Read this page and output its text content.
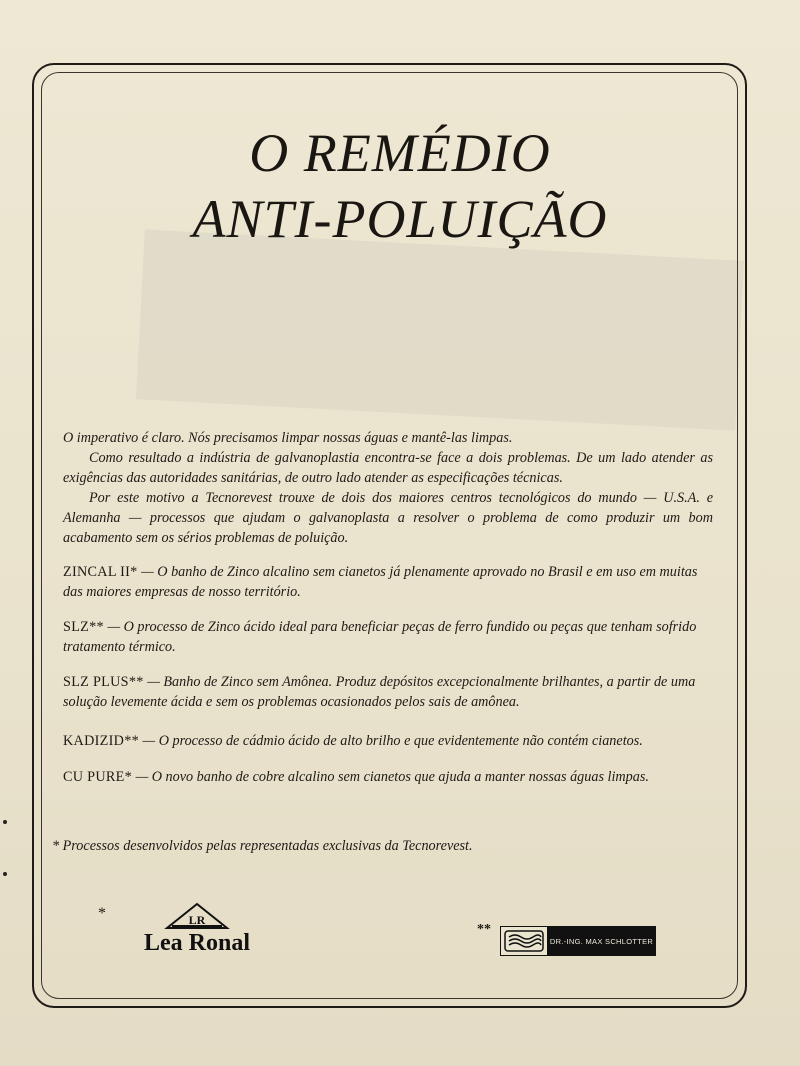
O REMÉDIO
ANTI-POLUIÇÃO

O imperativo é claro. Nós precisamos limpar nossas águas e mantê-las limpas.

Como resultado a indústria de galvanoplastia encontra-se face a dois problemas. De um lado atender as exigências das autoridades sanitárias, de outro lado atender as especificações técnicas.

Por este motivo a Tecnorevest trouxe de dois dos maiores centros tecnológicos do mundo — U.S.A. e Alemanha — processos que ajudam o galvanoplasta a resolver o problema de como produzir um bom acabamento sem os sérios problemas de poluição.

ZINCAL II* — O banho de Zinco alcalino sem cianetos já plenamente aprovado no Brasil e em uso em muitas das maiores empresas de nosso território.
SLZ** — O processo de Zinco ácido ideal para beneficiar peças de ferro fundido ou peças que tenham sofrido tratamento térmico.
SLZ PLUS** — Banho de Zinco sem Amônea. Produz depósitos excepcionalmente brilhantes, a partir de uma solução levemente ácida e sem os problemas ocasionados pelos sais de amônea.
KADIZID** — O processo de cádmio ácido de alto brilho e que evidentemente não contém cianetos.
CU PURE* — O novo banho de cobre alcalino sem cianetos que ajuda a manter nossas águas limpas.
* Processos desenvolvidos pelas representadas exclusivas da Tecnorevest.
*	LR
Lea Ronal
**
DR.-ING. MAX SCHLOTTER
